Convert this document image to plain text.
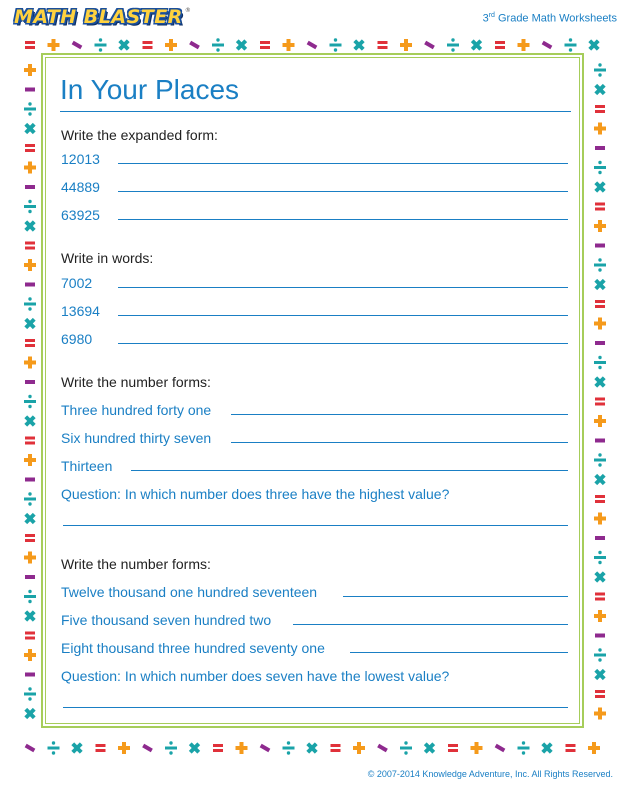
MATH BLASTER ®
3rd Grade Math Worksheets
In Your Places
Write the expanded form:
12013
44889
63925
Write in words:
7002
13694
6980
Write the number forms:
Three hundred forty one
Six hundred thirty seven
Thirteen
Question: In which number does three have the highest value?
Write the number forms:
Twelve thousand one hundred seventeen
Five thousand seven hundred two
Eight thousand three hundred seventy one
Question: In which number does seven have the lowest value?
© 2007-2014 Knowledge Adventure, Inc. All Rights Reserved.
